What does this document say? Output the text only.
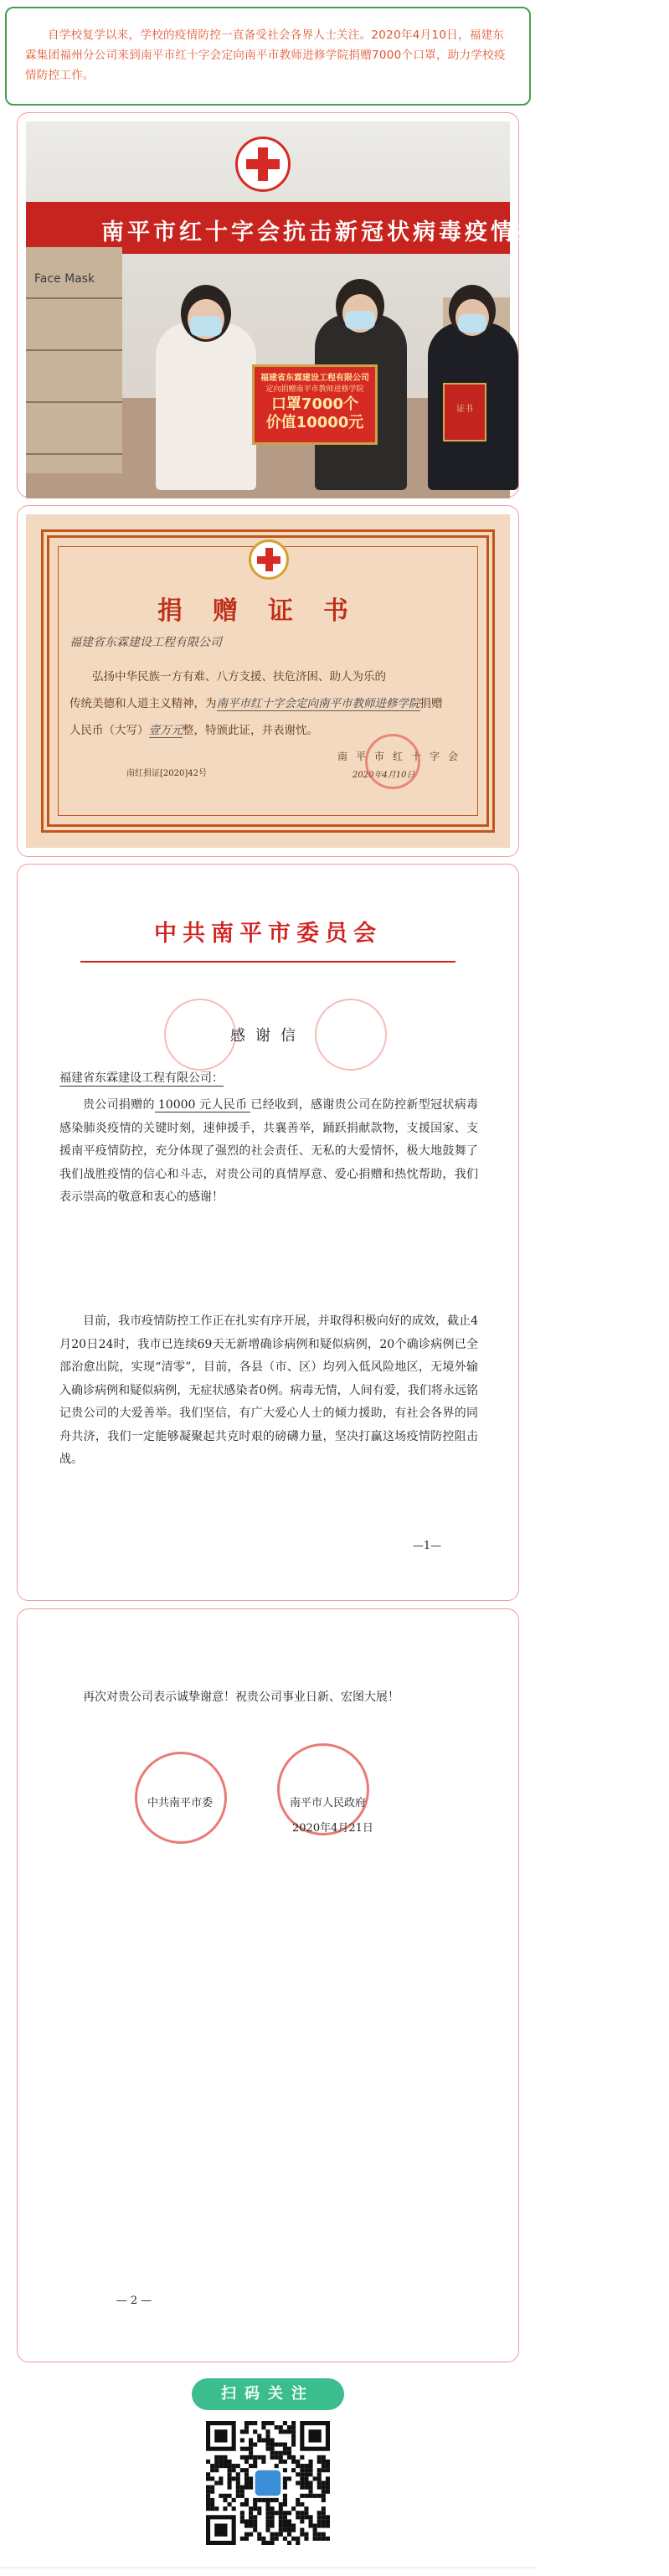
自学校复学以来，学校的疫情防控一直备受社会各界人士关注。2020年4月10日，福建东霖集团福州分公司来到南平市红十字会定向南平市教师进修学院捐赠7000个口罩，助力学校疫情防控工作。

南平市红十字会抗击新冠状病毒疫情捐赠仪式
Face Mask
福建省东霖建设工程有限公司
定向捐赠南平市教师进修学院
口罩7000个
价值10000元
证书
捐赠证书
福建省东霖建设工程有限公司
弘扬中华民族一方有难、八方支援、扶危济困、助人为乐的
传统美德和人道主义精神，为南平市红十字会定向南平市教师进修学院捐赠
人民币（大写）壹万元整，特颁此证，并表谢忱。
南红捐证[2020]42号
南平市红十字会
2020年4月10日
中共南平市委员会
感谢信
福建省东霖建设工程有限公司：
贵公司捐赠的 10000 元人民币 已经收到，感谢贵公司在防控新型冠状病毒感染肺炎疫情的关键时刻，速伸援手，共襄善举，踊跃捐献款物，支援国家、支援南平疫情防控，充分体现了强烈的社会责任、无私的大爱情怀，极大地鼓舞了我们战胜疫情的信心和斗志，对贵公司的真情厚意、爱心捐赠和热忱帮助，我们表示崇高的敬意和衷心的感谢！
目前，我市疫情防控工作正在扎实有序开展，并取得积极向好的成效，截止4月20日24时，我市已连续69天无新增确诊病例和疑似病例，20个确诊病例已全部治愈出院，实现“清零”，目前，各县（市、区）均列入低风险地区，无境外输入确诊病例和疑似病例，无症状感染者0例。病毒无情，人间有爱，我们将永远铭记贵公司的大爱善举。我们坚信，有广大爱心人士的倾力援助，有社会各界的同舟共济，我们一定能够凝聚起共克时艰的磅礴力量，坚决打赢这场疫情防控阻击战。
—1—
再次对贵公司表示诚挚谢意！祝贵公司事业日新、宏图大展！
中共南平市委	南平市人民政府
2020年4月21日
— 2 —
扫码关注
